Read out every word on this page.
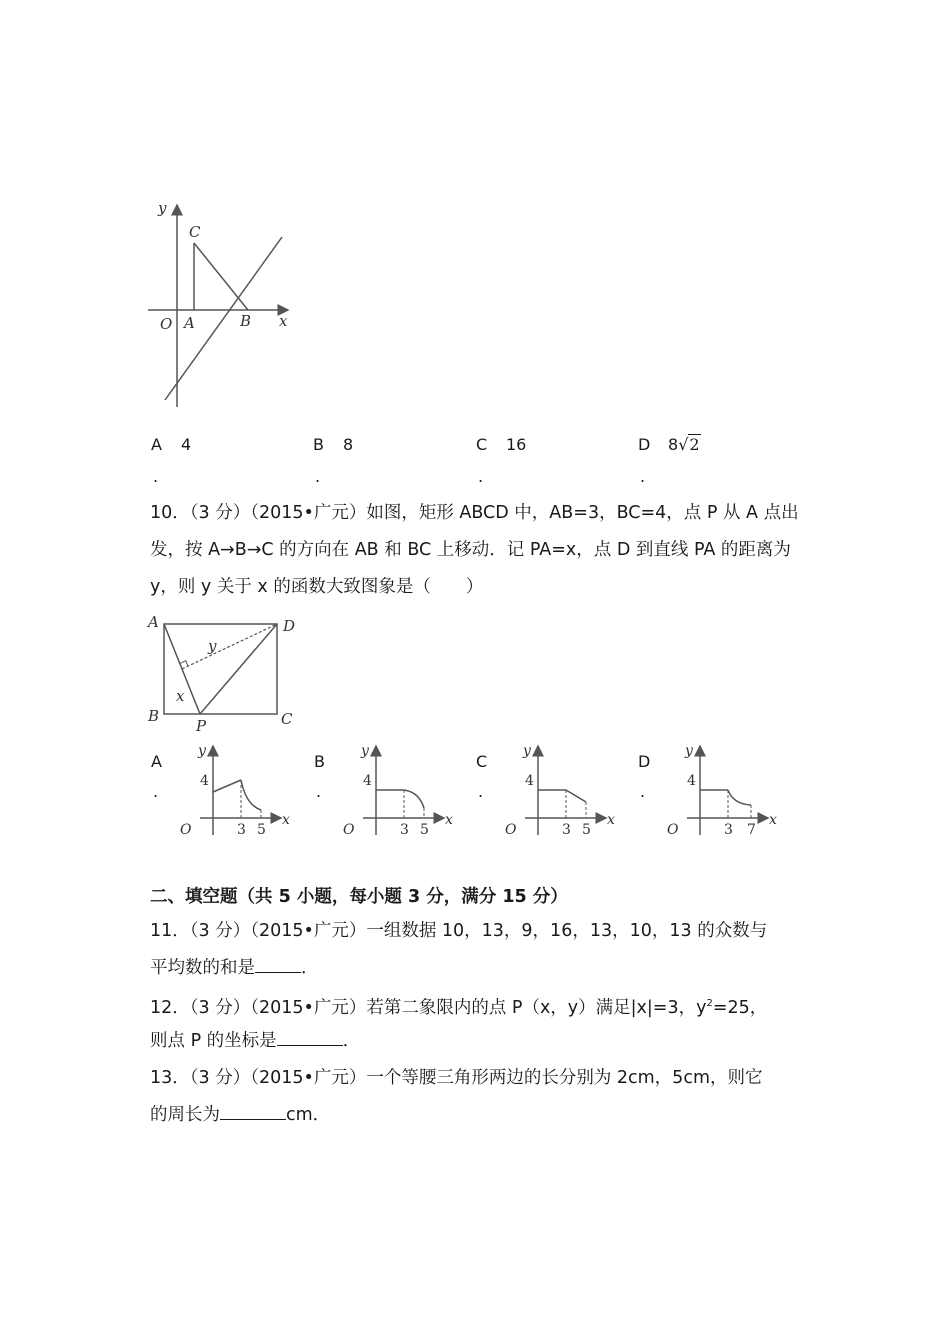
y
C
O A	B x
A 4
.
B 8
.
C 16
.
D 8√2
.
10．（3 分）（2015•广元）如图，矩形 ABCD 中，AB=3，BC=4，点 P 从 A 点出
发，按 A→B→C 的方向在 AB 和 BC 上移动．记 PA=x，点 D 到直线 PA 的距离为
y，则 y 关于 x 的函数大致图象是（　　）
A	D
B	C
P
x
y
A
.
y
4
O	3 5
x
B
.
y
4
O	3 5
x
C
.
y
4
O	3 5
x
D
.
y
4
O	3 7
x
二、填空题（共 5 小题，每小题 3 分，满分 15 分）
11．（3 分）（2015•广元）一组数据 10，13，9，16，13，10，13 的众数与
平均数的和是	．
12．（3 分）（2015•广元）若第二象限内的点 P（x，y）满足|x|=3，$y^2=25$，
则点 P 的坐标是	．
13．（3 分）（2015•广元）一个等腰三角形两边的长分别为 2cm，5cm，则它
的周长为	cm．
